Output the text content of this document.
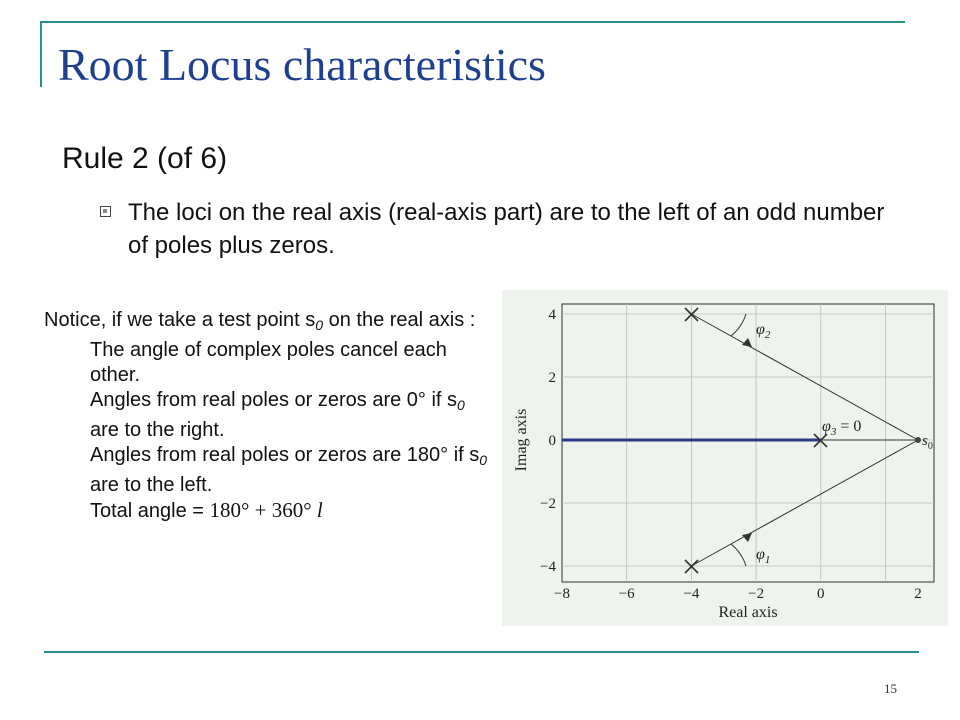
Root Locus characteristics
Rule 2 (of 6)
The loci on the real axis (real-axis part) are to the left of an odd number of poles plus zeros.

Notice, if we take a test point $s_0$ on the real axis :

The angle of complex poles cancel each other.

Angles from real poles or zeros are 0° if $s_0$ are to the right.

Angles from real poles or zeros are 180° if $s_0$ are to the left.

Total angle = 180° + 360° l

$\varphi_2$
$\varphi_1$
$\varphi_3 = 0$
$s_0$
4
2
0
−2
−4
−8	−6	−4	−2	0	2
Real axis
Imag axis
15
